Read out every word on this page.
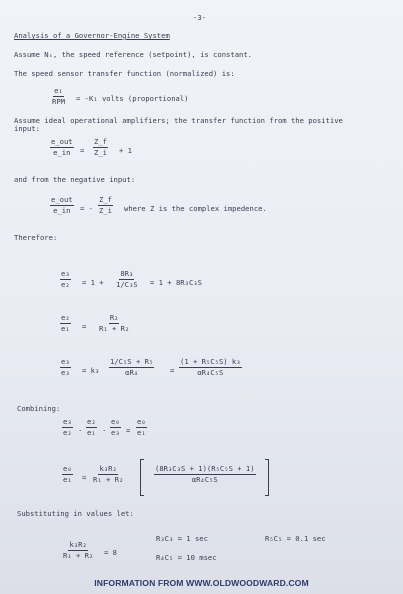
-3-
Analysis of a Governor-Engine System
Assume Nₛ, the speed reference (setpoint), is constant.
The speed sensor transfer function (normalized) is:
e₁
RPM = -K₁ volts (proportional)
Assume ideal operational amplifiers; the transfer function from the positive
input:
e_out
e_in = $\frac{Z\_f}{Z\_i} + 1$
and from the negative input:
e_out
e_in = - $\frac{Z\_f}{Z\_i}$ where Z is the complex impedence.
Therefore:
$\frac{\text{e₃}}{\text{e₂}} = 1 + \frac{\text{8R₃}}{\text{1/C₃S}} = 1 + 8R_3C_3S$
$\frac{\text{e₂}}{\text{e₁}} = \frac{\text{R₂}}{\text{R₁ + R₂}}$
$\frac{\text{e₃}}{\text{e₃}} = k_3 \frac{\text{1/C₅S + R₅}}{\text{αR₄}} = \frac{\text{(1 + R₅C₅S) k₃}}{\text{αR₄C₅S}}$
Combining:
$\frac{\text{e₃}}{\text{e₂}} \cdot \frac{\text{e₂}}{\text{e₁}} \cdot \frac{\text{e₀}}{\text{e₃}} = \frac{\text{e₀}}{\text{e₁}}$
$\frac{\text{e₀}}{\text{e₁}} = \frac{\text{k₃R₂}}{\text{R₁ + R₂}}$	$\frac{\text{(8R₃C₃S + 1)(R₅C₅S + 1)}}{\text{αR₄C₅S}}$
Substituting in values let:
$\frac{\text{k₃R₂}}{\text{R₁ + R₂}} = 8$
R₃C₃ = 1 sec	R₅C₅ = 0.1 sec
R₄C₅ = 10 msec
INFORMATION FROM WWW.OLDWOODWARD.COM
